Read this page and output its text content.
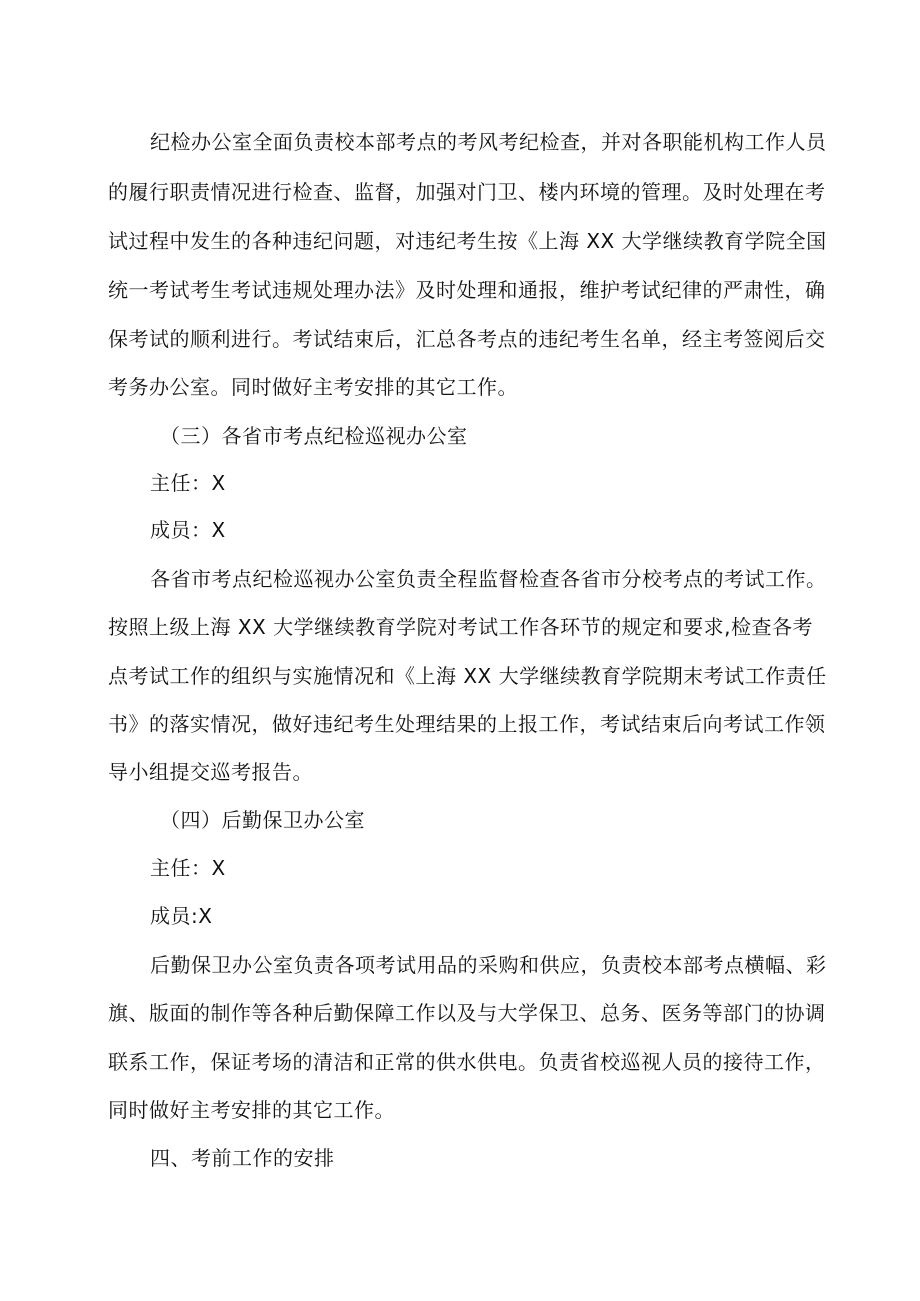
纪检办公室全面负责校本部考点的考风考纪检查，并对各职能机构工作人员
的履行职责情况进行检查、监督，加强对门卫、楼内环境的管理。及时处理在考
试过程中发生的各种违纪问题，对违纪考生按《上海 XX 大学继续教育学院全国
统一考试考生考试违规处理办法》及时处理和通报，维护考试纪律的严肃性，确
保考试的顺利进行。考试结束后，汇总各考点的违纪考生名单，经主考签阅后交
考务办公室。同时做好主考安排的其它工作。
（三）各省市考点纪检巡视办公室
主任：X
成员：X
各省市考点纪检巡视办公室负责全程监督检查各省市分校考点的考试工作。
按照上级上海 XX 大学继续教育学院对考试工作各环节的规定和要求,检查各考
点考试工作的组织与实施情况和《上海 XX 大学继续教育学院期末考试工作责任
书》的落实情况，做好违纪考生处理结果的上报工作，考试结束后向考试工作领
导小组提交巡考报告。
（四）后勤保卫办公室
主任：X
成员:X
后勤保卫办公室负责各项考试用品的采购和供应，负责校本部考点横幅、彩
旗、版面的制作等各种后勤保障工作以及与大学保卫、总务、医务等部门的协调
联系工作，保证考场的清洁和正常的供水供电。负责省校巡视人员的接待工作，
同时做好主考安排的其它工作。
四、考前工作的安排
